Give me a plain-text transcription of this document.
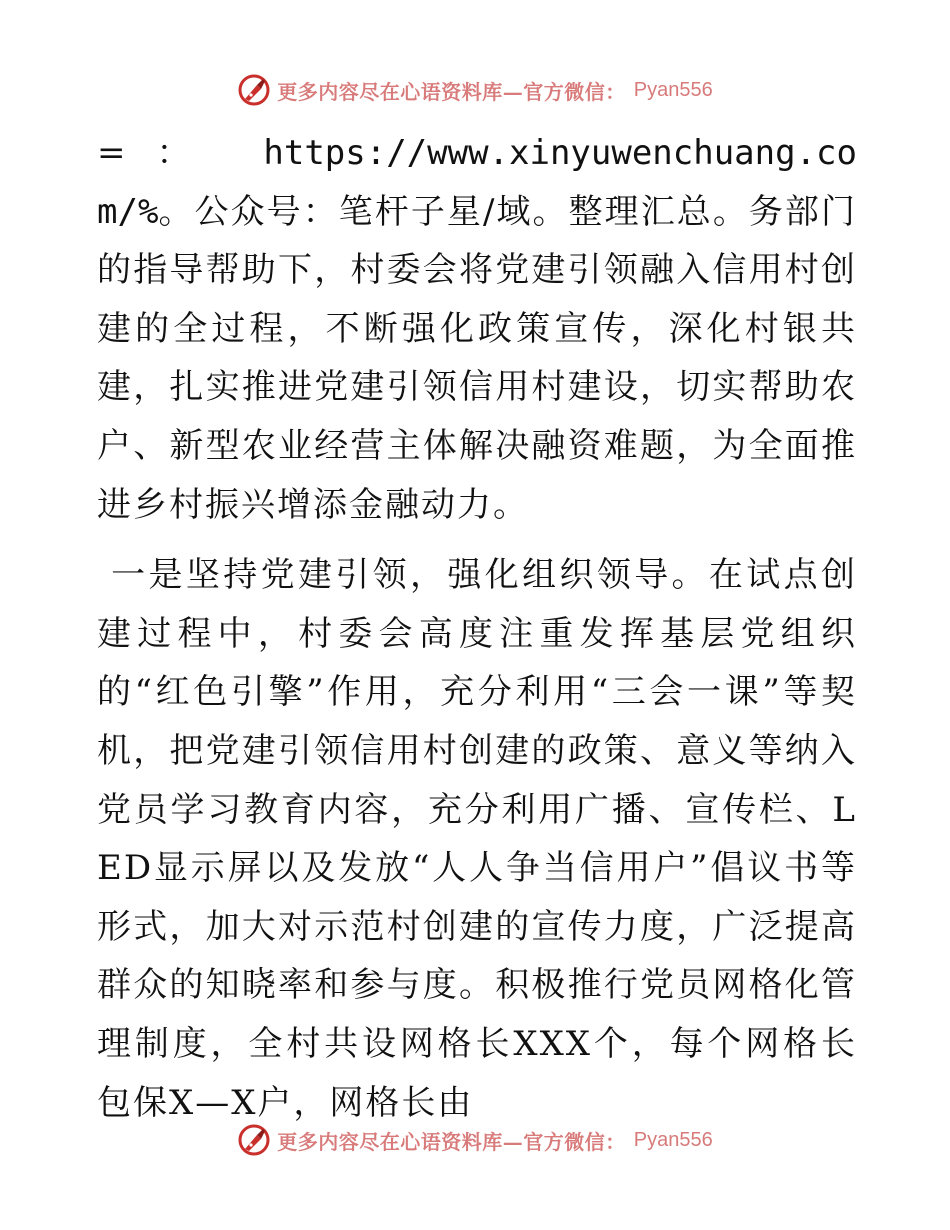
更多内容尽在心语资料库—官方微信： Pyan556

=： https://www.xinyuwenchuang.com/%。公众号：笔杆子星/域。整理汇总。务部门的指导帮助下，村委会将党建引领融入信用村创建的全过程，不断强化政策宣传，深化村银共建，扎实推进党建引领信用村建设，切实帮助农户、新型农业经营主体解决融资难题，为全面推进乡村振兴增添金融动力。

一是坚持党建引领，强化组织领导。在试点创建过程中，村委会高度注重发挥基层党组织的“红色引擎”作用，充分利用“三会一课”等契机，把党建引领信用村创建的政策、意义等纳入党员学习教育内容，充分利用广播、宣传栏、LED显示屏以及发放“人人争当信用户”倡议书等形式，加大对示范村创建的宣传力度，广泛提高群众的知晓率和参与度。积极推行党员网格化管理制度，全村共设网格长XXX个，每个网格长包保X—X户，网格长由

更多内容尽在心语资料库—官方微信： Pyan556
